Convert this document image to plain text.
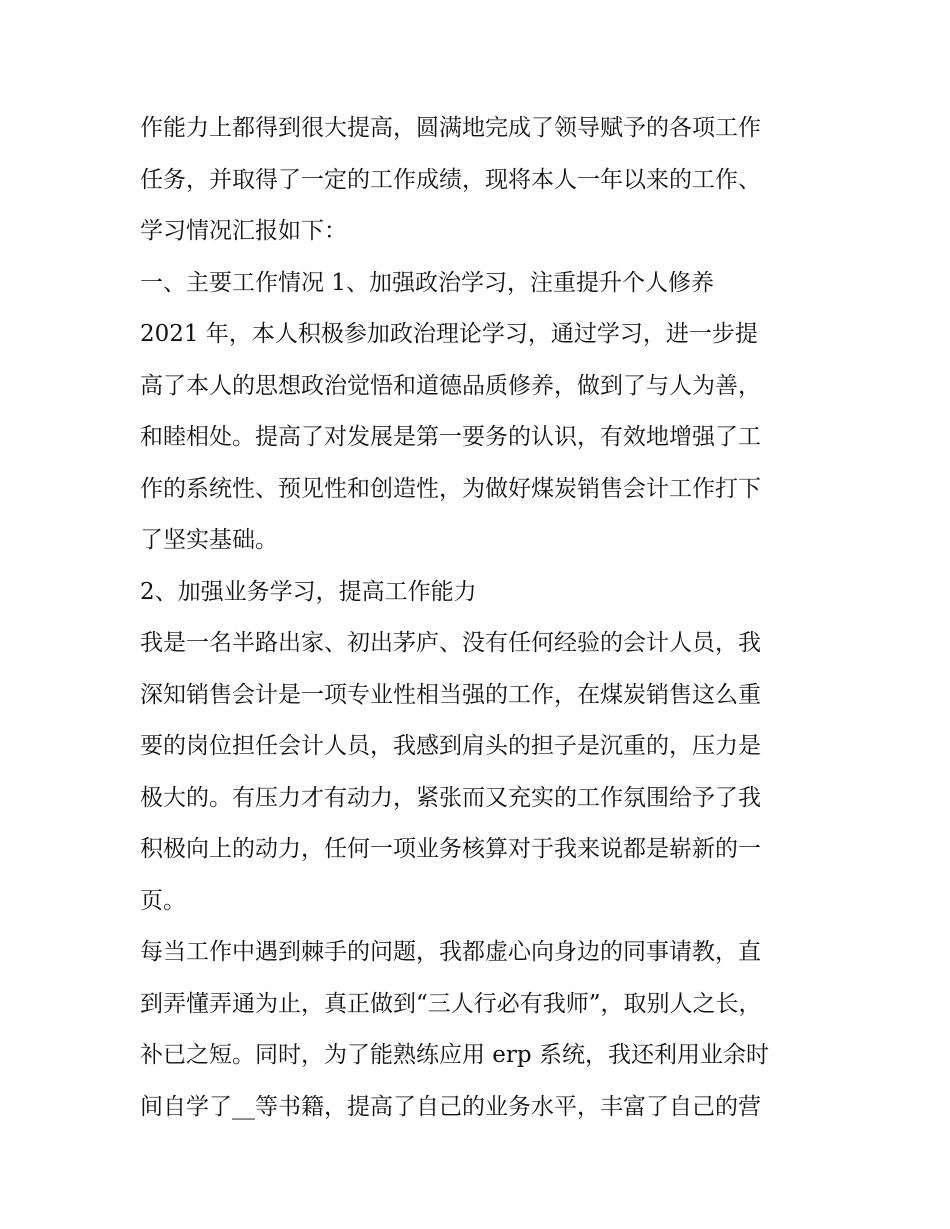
作能力上都得到很大提高，圆满地完成了领导赋予的各项工作

任务，并取得了一定的工作成绩，现将本人一年以来的工作、

学习情况汇报如下：

一、主要工作情况 1、加强政治学习，注重提升个人修养

2021 年，本人积极参加政治理论学习，通过学习，进一步提

高了本人的思想政治觉悟和道德品质修养，做到了与人为善，

和睦相处。提高了对发展是第一要务的认识，有效地增强了工

作的系统性、预见性和创造性，为做好煤炭销售会计工作打下

了坚实基础。

2、加强业务学习，提高工作能力

我是一名半路出家、初出茅庐、没有任何经验的会计人员，我

深知销售会计是一项专业性相当强的工作，在煤炭销售这么重

要的岗位担任会计人员，我感到肩头的担子是沉重的，压力是

极大的。有压力才有动力，紧张而又充实的工作氛围给予了我

积极向上的动力，任何一项业务核算对于我来说都是崭新的一

页。

每当工作中遇到棘手的问题，我都虚心向身边的同事请教，直

到弄懂弄通为止，真正做到“三人行必有我师”，取别人之长，

补已之短。同时，为了能熟练应用 erp 系统，我还利用业余时

间自学了__等书籍，提高了自己的业务水平，丰富了自己的营
